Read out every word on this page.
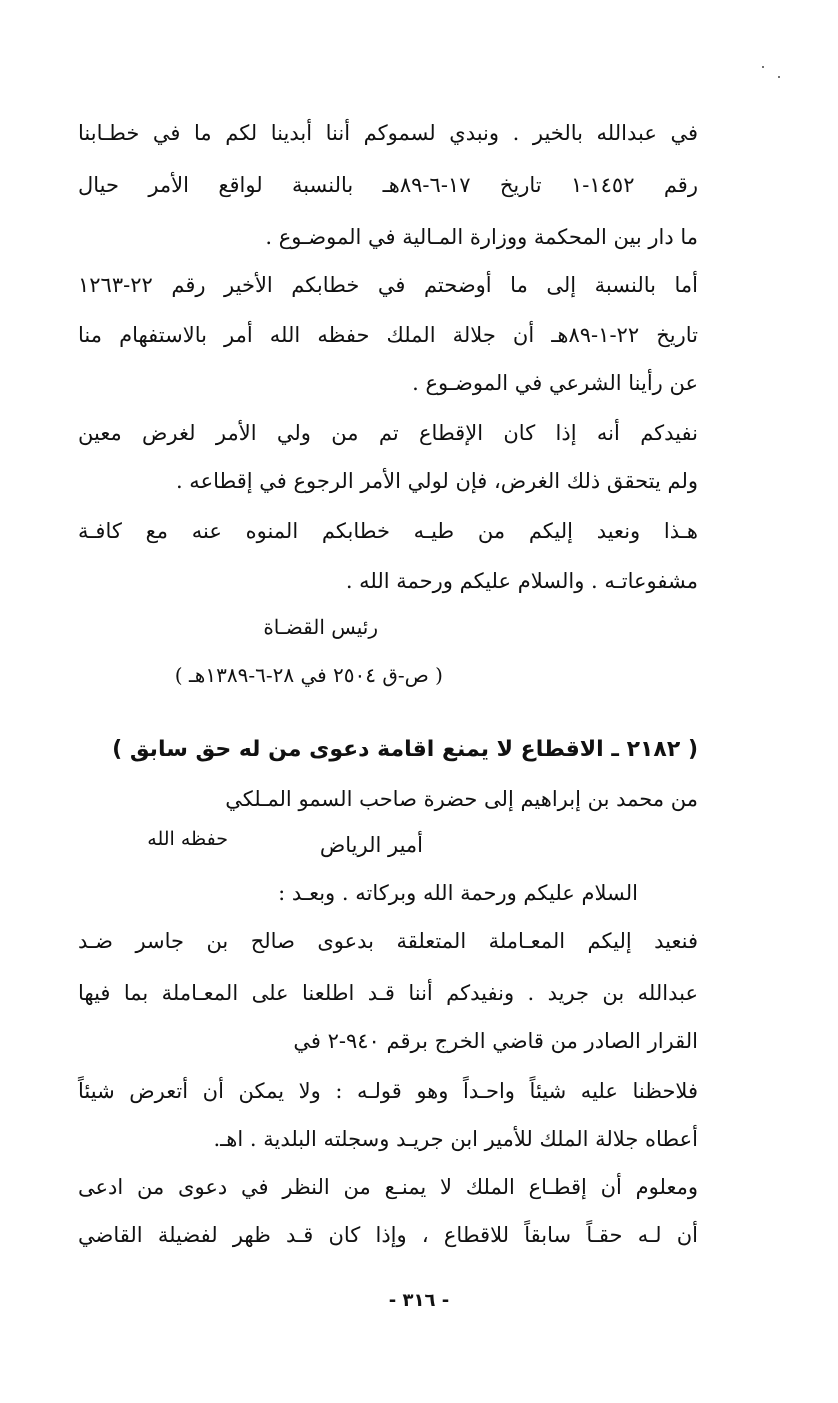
في عبدالله بالخير . ونبدي لسموكم أننا أبدينا لكم ما في خطـابنا
رقم ١٤٥٢-١ تاريخ ١٧-٦-٨٩هـ بالنسبة لواقع الأمر حيال
ما دار بين المحكمة ووزارة المـالية في الموضـوع .
أما بالنسبة إلى ما أوضحتم في خطابكم الأخير رقم ٢٢-١٢٦٣
تاريخ ٢٢-١-٨٩هـ أن جلالة الملك حفظه الله أمر بالاستفهام منا
عن رأينا الشرعي في الموضـوع .
نفيدكم أنه إذا كان الإقطاع تم من ولي الأمر لغرض معين
ولم يتحقق ذلك الغرض، فإن لولي الأمر الرجوع في إقطاعه .
هـذا ونعيد إليكم من طيـه خطابكم المنوه عنه مع كافـة
مشفوعاتـه . والسلام عليكم ورحمة الله .
رئيس القضـاة
( ص-ق ٢٥٠٤ في ٢٨-٦-١٣٨٩هـ )
( ٢١٨٢ ـ الاقطاع لا يمنع اقامة دعوى من له حق سابق )
من محمد بن إبراهيم إلى حضرة صاحب السمو المـلكي
أمير الرياض
حفظه الله
السلام عليكم ورحمة الله وبركاته . وبعـد :
فنعيد إليكم المعـاملة المتعلقة بدعوى صالح بن جاسر ضـد
عبدالله بن جريد . ونفيدكم أننا قـد اطلعنا على المعـاملة بما فيها
القرار الصادر من قاضي الخرج برقم ٩٤٠-٢ في
فلاحظنا عليه شيئاً واحـداً وهو قولـه : ولا يمكن أن أتعرض شيئاً
أعطاه جلالة الملك للأمير ابن جريـد وسجلته البلدية . اهـ.
ومعلوم أن إقطـاع الملك لا يمنـع من النظر في دعوى من ادعى
أن لـه حقـاً سابقاً للاقطاع ، وإذا كان قـد ظهر لفضيلة القاضي
- ٣١٦ -
